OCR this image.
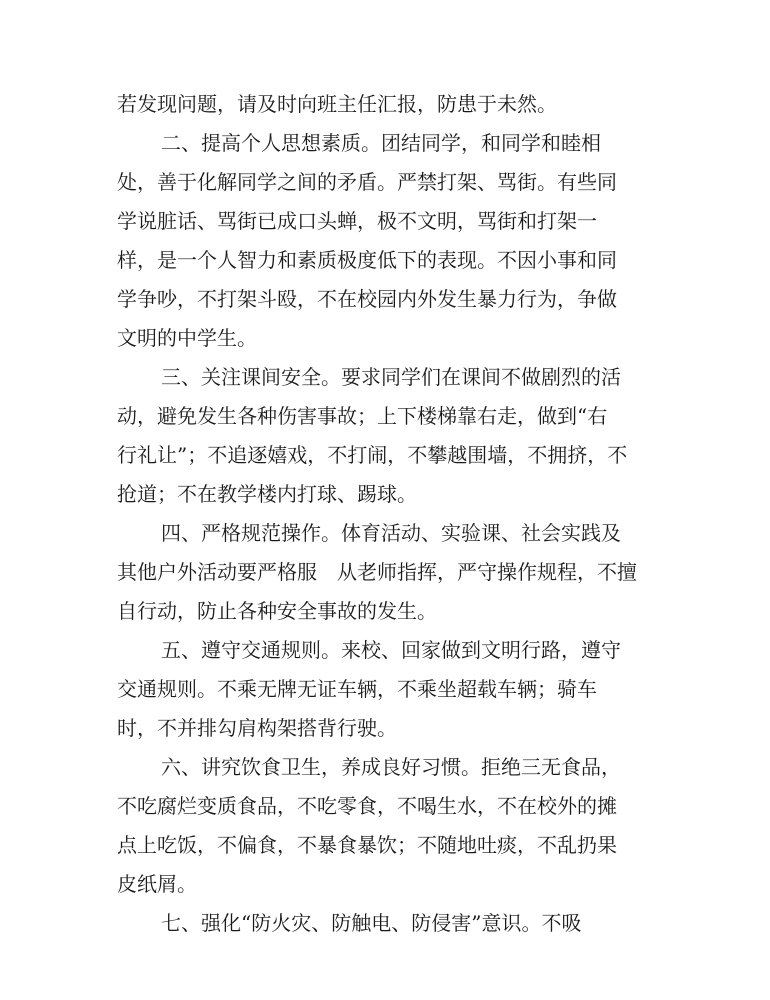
若发现问题，请及时向班主任汇报，防患于未然。
二、提高个人思想素质。团结同学，和同学和睦相
处，善于化解同学之间的矛盾。严禁打架、骂街。有些同
学说脏话、骂街已成口头蝉，极不文明，骂街和打架一
样，是一个人智力和素质极度低下的表现。不因小事和同
学争吵，不打架斗殴，不在校园内外发生暴力行为，争做
文明的中学生。
三、关注课间安全。要求同学们在课间不做剧烈的活
动，避免发生各种伤害事故；上下楼梯靠右走，做到“右
行礼让”；不追逐嬉戏，不打闹，不攀越围墙，不拥挤，不
抢道；不在教学楼内打球、踢球。
四、严格规范操作。体育活动、实验课、社会实践及
其他户外活动要严格服　从老师指挥，严守操作规程，不擅
自行动，防止各种安全事故的发生。
五、遵守交通规则。来校、回家做到文明行路，遵守
交通规则。不乘无牌无证车辆，不乘坐超载车辆；骑车
时，不并排勾肩构架搭背行驶。
六、讲究饮食卫生，养成良好习惯。拒绝三无食品，
不吃腐烂变质食品，不吃零食，不喝生水，不在校外的摊
点上吃饭，不偏食，不暴食暴饮；不随地吐痰，不乱扔果
皮纸屑。
七、强化“防火灾、防触电、防侵害”意识。不吸
